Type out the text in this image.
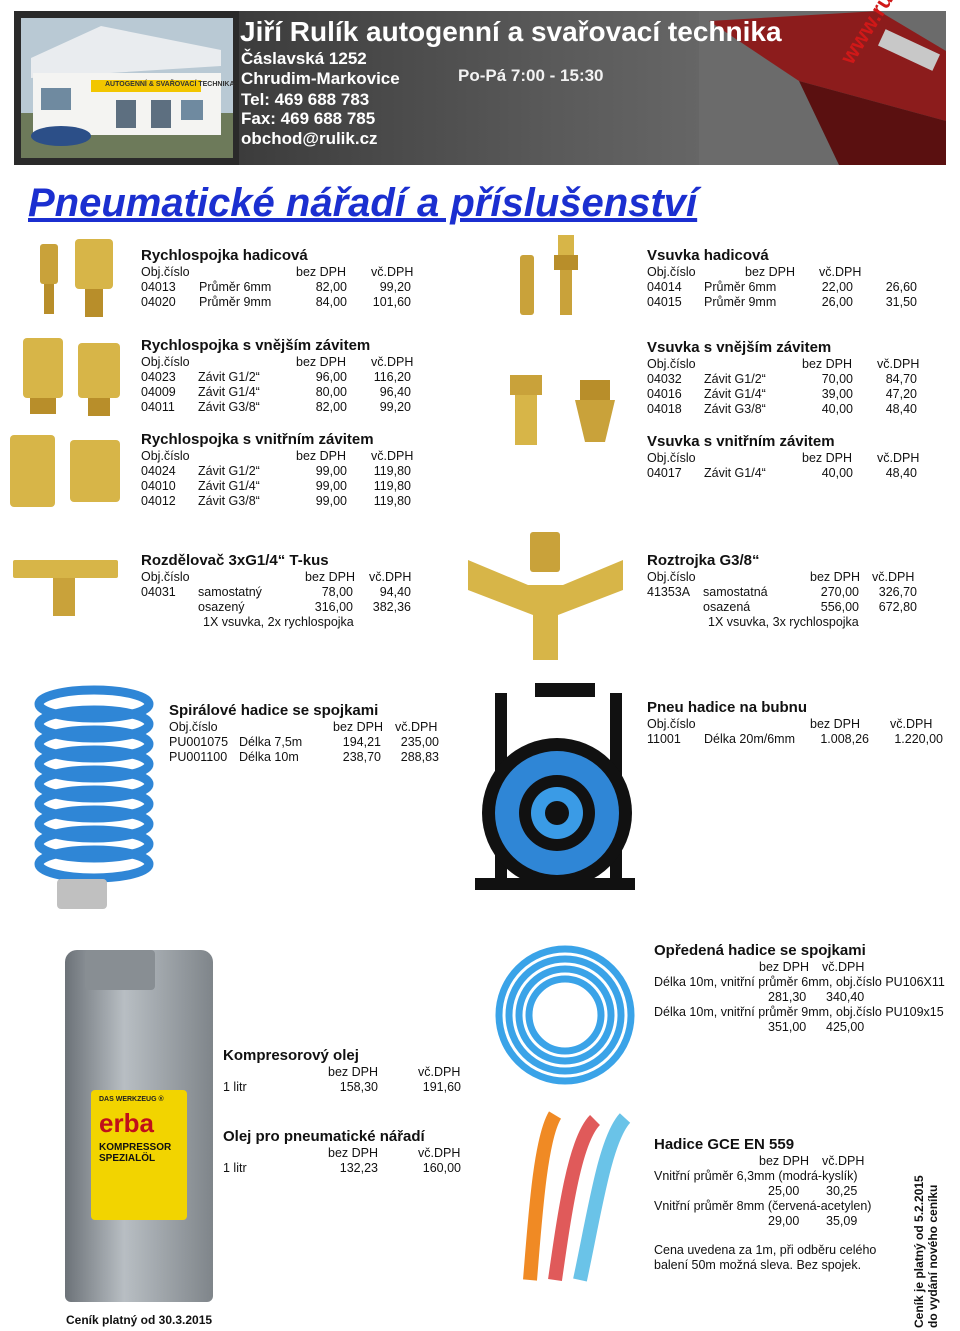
AUTOGENNÍ & SVAŘOVACÍ TECHNIKA
Jiří Rulík autogenní a svařovací technika
Čáslavská 1252
Chrudim-Markovice
Tel: 469 688 783
Fax: 469 688 785
obchod@rulik.cz
Po-Pá 7:00 - 15:30
Pneumatické nářadí a příslušenství
DAS WERKZEUG ®
erba
KOMPRESSOR SPEZIALÖL
Rychlospojka hadicová
Obj.číslo	bez DPH vč.DPH
04013 Průměr 6mm	82,00	99,20
04020 Průměr 9mm	84,00	101,60
Vsuvka hadicová
Obj.číslo	bez DPH vč.DPH
04014 Průměr 6mm	22,00	26,60
04015 Průměr 9mm	26,00	31,50
Rychlospojka s vnějším závitem
Obj.číslo	bez DPH vč.DPH
04023 Závit G1/2“	96,00	116,20
04009 Závit G1/4“	80,00	96,40
04011 Závit G3/8“	82,00	99,20
Vsuvka s vnějším závitem
Obj.číslo	bez DPH vč.DPH
04032 Závit G1/2“	70,00	84,70
04016 Závit G1/4“	39,00	47,20
04018 Závit G3/8“	40,00	48,40
Rychlospojka s vnitřním závitem
Obj.číslo	bez DPH vč.DPH
04024 Závit G1/2“	99,00	119,80
04010 Závit G1/4“	99,00	119,80
04012 Závit G3/8“	99,00	119,80
Vsuvka s vnitřním závitem
Obj.číslo	bez DPH vč.DPH
04017 Závit G1/4“	40,00	48,40
Rozdělovač 3xG1/4“ T-kus
Obj.číslo	bez DPH vč.DPH
04031 samostatný	78,00	94,40
osazený	316,00	382,36
1X vsuvka, 2x rychlospojka
Roztrojka G3/8“
Obj.číslo	bez DPH vč.DPH
41353A samostatná	270,00	326,70
osazená	556,00	672,80
1X vsuvka, 3x rychlospojka
Spirálové hadice se spojkami
Obj.číslo	bez DPH vč.DPH
PU001075 Délka 7,5m	194,21	235,00
PU001100 Délka 10m	238,70	288,83
Pneu hadice na bubnu
Obj.číslo	bez DPH vč.DPH
11001 Délka 20m/6mm	1.008,26	1.220,00
Opředená hadice se spojkami
bez DPH vč.DPH
Délka 10m, vnitřní průměr 6mm, obj.číslo PU106X11
281,30 340,40
Délka 10m, vnitřní průměr 9mm, obj.číslo PU109x15
351,00 425,00
Kompresorový olej
bez DPH	vč.DPH
1 litr	158,30	191,60
Olej pro pneumatické nářadí
bez DPH	vč.DPH
1 litr	132,23	160,00
Hadice GCE EN 559
bez DPH vč.DPH
Vnitřní průměr 6,3mm (modrá-kyslík)
25,00 30,25
Vnitřní průměr 8mm (červená-acetylen)
29,00 35,09
Cena uvedena za 1m, při odběru celého
balení 50m možná sleva. Bez spojek.
Ceník platný od 30.3.2015	Ceník je platný od 5.2.2015 do vydání nového ceníku
